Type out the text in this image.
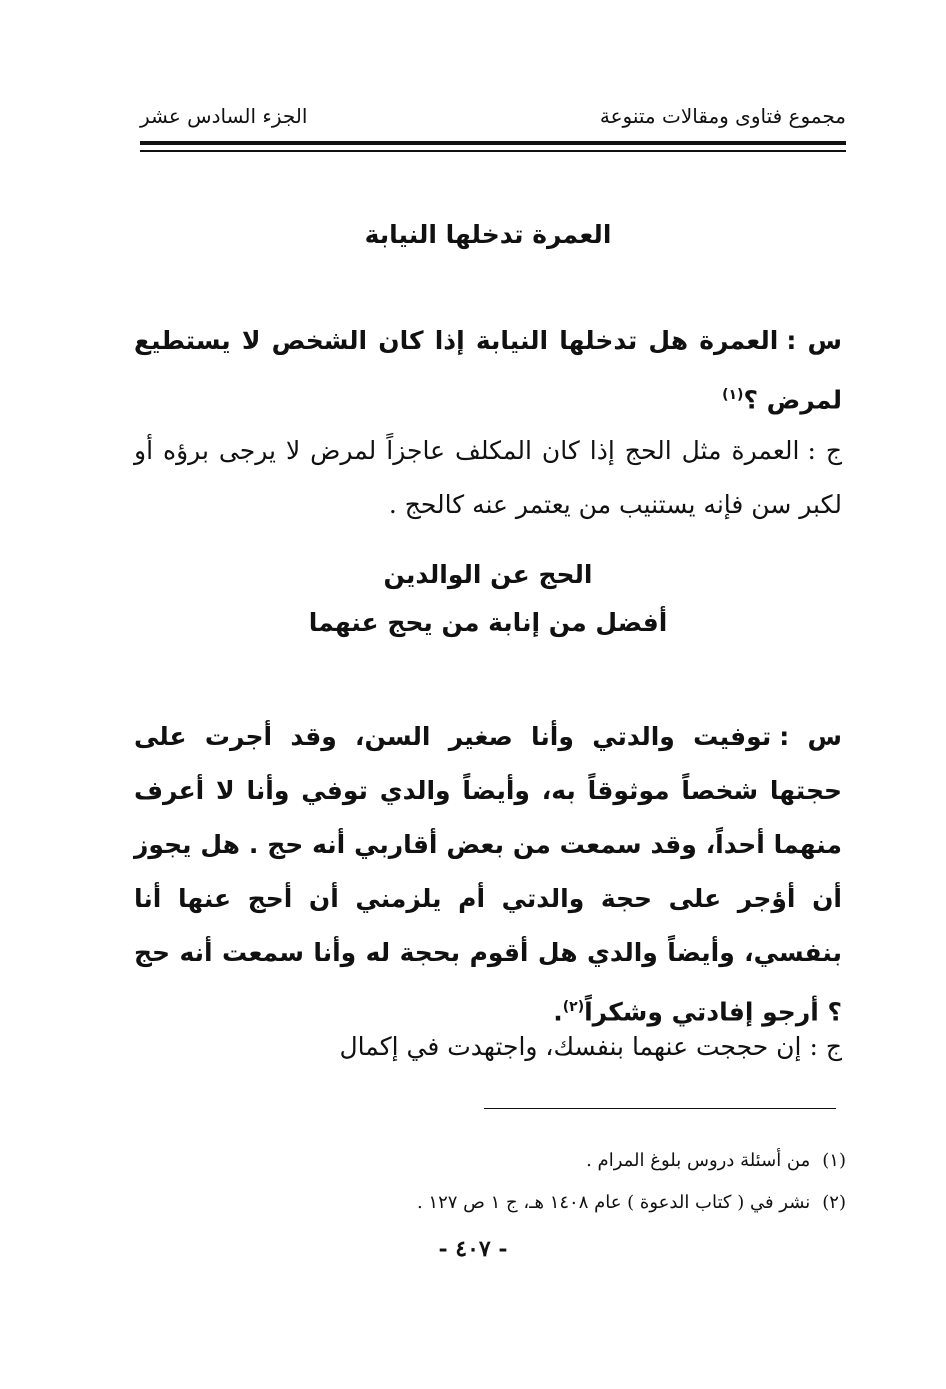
مجموع فتاوى ومقالات متنوعة
الجزء السادس عشر
العمرة تدخلها النيابة
س :العمرة هل تدخلها النيابة إذا كان الشخص لا يستطيع لمرض ؟$^{(١)}$
ج :العمرة مثل الحج إذا كان المكلف عاجزاً لمرض لا يرجى برؤه أو لكبر سن فإنه يستنيب من يعتمر عنه كالحج .
الحج عن الوالدين
أفضل من إنابة من يحج عنهما
س :توفيت والدتي وأنا صغير السن، وقد أجرت على حجتها شخصاً موثوقاً به، وأيضاً والدي توفي وأنا لا أعرف منهما أحداً، وقد سمعت من بعض أقاربي أنه حج . هل يجوز أن أؤجر على حجة والدتي أم يلزمني أن أحج عنها أنا بنفسي، وأيضاً والدي هل أقوم بحجة له وأنا سمعت أنه حج ؟ أرجو إفادتي وشكراً$^{(٢)}$.
ج :إن حججت عنهما بنفسك، واجتهدت في إكمال
(١)من أسئلة دروس بلوغ المرام .
(٢)نشر في ( كتاب الدعوة ) عام ١٤٠٨ هـ، ج ١ ص ١٢٧ .
- ٤٠٧ -
